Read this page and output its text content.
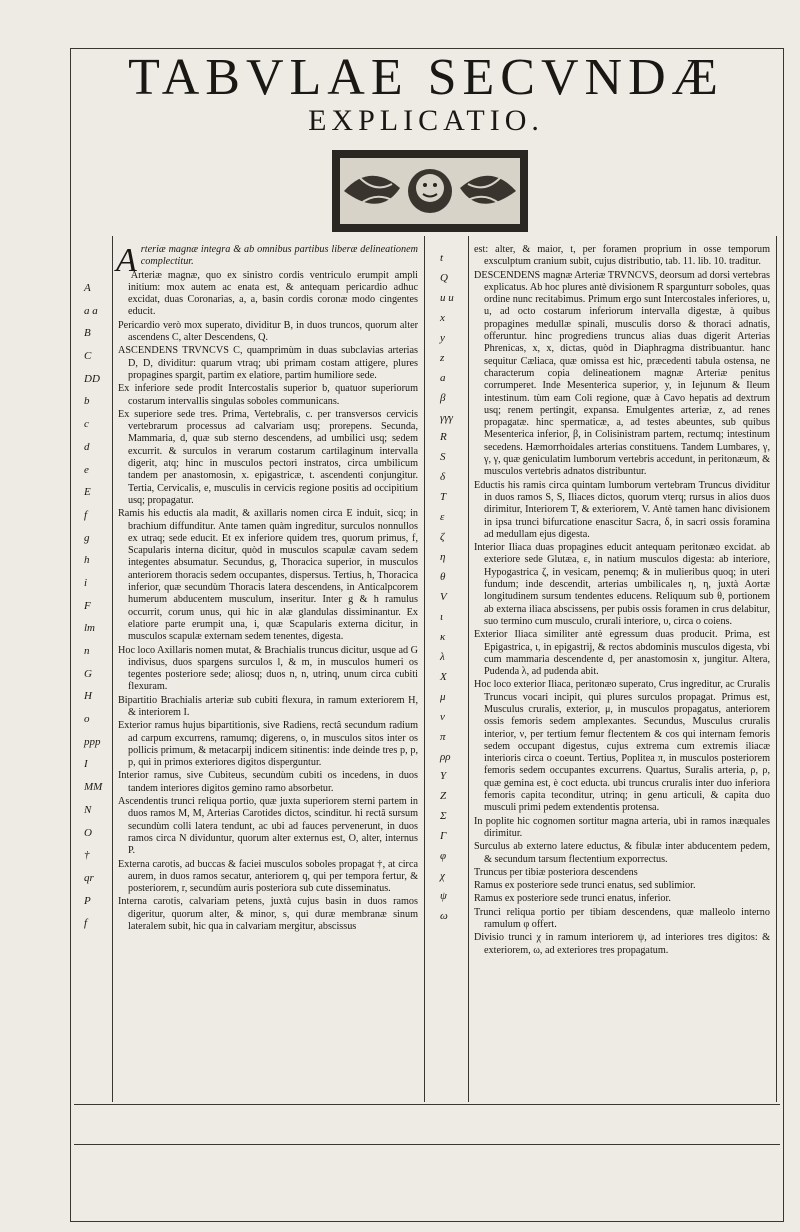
TABVLAE SECVNDÆ
EXPLICATIO.

Arteriæ magnæ integra & ab omnibus partibus liberæ delineationem complectitur.

Arteriæ magnæ, quo ex sinistro cordis ventriculo erumpit ampli initium: mox autem ac enata est, & antequam pericardio adhuc excidat, duas Coronarias, a, a, basin cordis coronæ modo cingentes educit.

Pericardio verò mox superato, dividitur B, in duos truncos, quorum alter ascendens C, alter Descendens, Q.

ASCENDENS TRVNCVS C, quamprimùm in duas subclavias arterias D, D, dividitur: quarum vtraq; ubi primam costam attigere, plures propagines spargit, partim ex elatiore, partim humiliore sede.

Ex inferiore sede prodit Intercostalis superior b, quatuor superiorum costarum intervallis singulas soboles communicans.

Ex superiore sede tres. Prima, Vertebralis, c. per transversos cervicis vertebrarum processus ad calvariam usq; prorepens. Secunda, Mammaria, d, quæ sub sterno descendens, ad umbilici usq; sedem excurrit. & surculos in verarum costarum cartilaginum intervalla digerit, atq; hinc in musculos pectori instratos, circa umbilicum tandem per anastomosin, x. epigastricæ, t. ascendenti conjungitur. Tertia, Cervicalis, e, musculis in cervicis regione positis ad occipitium usq; propagatur.

Ramis his eductis ala madit, & axillaris nomen circa E induit, sicq; in brachium diffunditur. Ante tamen quàm ingreditur, surculos nonnullos ex utraq; sede educit. Et ex inferiore quidem tres, quorum primus, f, Scapularis interna dicitur, quòd in musculos scapulæ cavam sedem integentes absumatur. Secundus, g, Thoracica superior, in musculos anteriorem thoracis sedem occupantes, dispersus. Tertius, h, Thoracica inferior, quæ secundùm Thoracis latera descendens, in Anticalpcorem humerum abducentem musculum, inseritur. Inter g & h ramulus occurrit, corum unus, qui hic in alæ glandulas dissiminantur. Ex elatiore parte erumpit una, i, quæ Scapularis externa dicitur, in musculos scapulæ externam sedem tenentes, digesta.

Hoc loco Axillaris nomen mutat, & Brachialis truncus dicitur, usque ad G indivisus, duos spargens surculos l, & m, in musculos humeri os tegentes posteriore sede; aliosq; duos n, n, utrinq, unum circa cubiti flexuram.

Bipartitio Brachialis arteriæ sub cubiti flexura, in ramum exteriorem H, & interiorem I.

Exterior ramus hujus bipartitionis, sive Radiens, rectâ secundum radium ad carpum excurrens, ramumq; digerens, o, in musculos sitos inter os pollicis primum, & metacarpij indicem sitinentis: inde deinde tres p, p, p, qui in primos exteriores digitos disperguntur.

Interior ramus, sive Cubiteus, secundùm cubiti os incedens, in duos tandem interiores digitos gemino ramo absorbetur.

Ascendentis trunci reliqua portio, quæ juxta superiorem sterni partem in duos ramos M, M, Arterias Carotides dictos, scinditur. hi rectâ sursum secundùm colli latera tendunt, ac ubi ad fauces pervenerunt, in duos ramos circa N dividuntur, quorum alter externus est, O, alter, internus P.

Externa carotis, ad buccas & faciei musculos soboles propagat †, at circa aurem, in duos ramos secatur, anteriorem q, qui per tempora fertur, & posteriorem, r, secundùm auris posteriora sub cute disseminatus.

Interna carotis, calvariam petens, juxtà cujus basin in duos ramos digeritur, quorum alter, & minor, s, qui duræ membranæ sinum lateralem subit, hic qua in calvariam mergitur, abscissus

est: alter, & maior, t, per foramen proprium in osse temporum exsculptum cranium subit, cujus distributio, tab. 11. lib. 10. traditur.

DESCENDENS magnæ Arteriæ TRVNCVS, deorsum ad dorsi vertebras explicatus. Ab hoc plures antè divisionem R spargunturr soboles, quas ordine nunc recitabimus. Primum ergo sunt Intercostales inferiores, u, u, ad octo costarum inferiorum intervalla digestæ, à quibus propagines medullæ spinali, musculis dorso & thoraci adnatis, offeruntur. hinc progrediens truncus alias duas digerit Arterias Phrenicas, x, x, dictas, quòd in Diaphragma distribuantur. hanc sequitur Cæliaca, quæ omissa est hic, præcedenti tabula ostensa, ne characterum copia delineationem magnæ Arteriæ penitus corrumperet. Inde Mesenterica superior, y, in Iejunum & Ileum intestinum. tùm eam Coli regione, quæ à Cavo hepatis ad dextrum usq; renem pertingit, expansa. Emulgentes arteriæ, z, ad renes propagatæ. hinc spermaticæ, a, ad testes abeuntes, sub quibus Mesenterica inferior, β, in Colisinistram partem, rectumq; intestinum secedens. Hæmorrhoidales arterias constituens. Tandem Lumbares, γ, γ, γ, quæ geniculatim lumborum vertebris accedunt, in peritonæum, & musculos vertebris adnatos distribuntur.

Eductis his ramis circa quintam lumborum vertebram Truncus dividitur in duos ramos S, S, Iliaces dictos, quorum vterq; rursus in alios duos dirimitur, Interiorem T, & exteriorem, V. Antè tamen hanc divisionem in ipsa trunci bifurcatione enascitur Sacra, δ, in sacri ossis foramina ad medullam ejus digesta.

Interior Iliaca duas propagines educit antequam peritonæo excidat. ab exteriore sede Glutæa, ε, in natium musculos digesta: ab interiore, Hypogastrica ζ, in vesicam, penemq; & in mulieribus quoq; in uteri fundum; inde descendit, arterias umbilicales η, η, juxtà Aortæ longitudinem sursum tendentes educens. Reliquum sub θ, portionem ab externa iliaca abscissens, per pubis ossis foramen in crus delabitur, suo termino cum musculo, crurali interiore, υ, circa ο coiens.

Exterior Iliaca similiter antè egressum duas producit. Prima, est Epigastrica, ι, in epigastrij, & rectos abdominis musculos digesta, vbi cum mammaria descendente d, per anastomosin x, jungitur. Altera, Pudenda λ, ad pudenda abit.

Hoc loco exterior Iliaca, peritonæo superato, Crus ingreditur, ac Cruralis Truncus vocari incipit, qui plures surculos propagat. Primus est, Musculus cruralis, exterior, μ, in musculos propagatus, anteriorem ossis femoris sedem amplexantes. Secundus, Musculus cruralis interior, ν, per tertium femur flectentem & cos qui internam femoris sedem occupant digestus, cujus extrema cum extremis iliacæ interioris circa ο coeunt. Tertius, Poplitea π, in musculos posteriorem femoris sedem occupantes excurrens. Quartus, Suralis arteria, ρ, ρ, quæ gemina est, è coct educta. ubi truncus cruralis inter duo inferiora femoris capita teconditur, utrinq; in genu articuli, & capita duo musculi primi pedem extendentis protensa.

In poplite hic cognomen sortitur magna arteria, ubi in ramos inæquales dirimitur.

Surculus ab externo latere eductus, & fibulæ inter abducentem pedem, & secundum tarsum flectentium exporrectus.

Truncus per tibiæ posteriora descendens

Ramus ex posteriore sede trunci enatus, sed sublimior.

Ramus ex posteriore sede trunci enatus, inferior.

Trunci reliqua portio per tibiam descendens, quæ malleolo interno ramulum φ offert.

Divisio trunci χ in ramum interiorem ψ, ad interiores tres digitos: & exteriorem, ω, ad exteriores tres propagatum.

A
a a
B
C
DD
b
c
d
e
E
f
g
h
i
F
lm
n
G
H
o
ppp
I
MM
N
O
†
qr
P
f
t
Q
u u
x
y
z
a
β
γγγ
R
S
δ
T
ε
ζ
η
θ
V
ι
κ
λ
X
μ
ν
π
ρρ
Y
Z
Σ
Γ
φ
χ
ψ
ω
